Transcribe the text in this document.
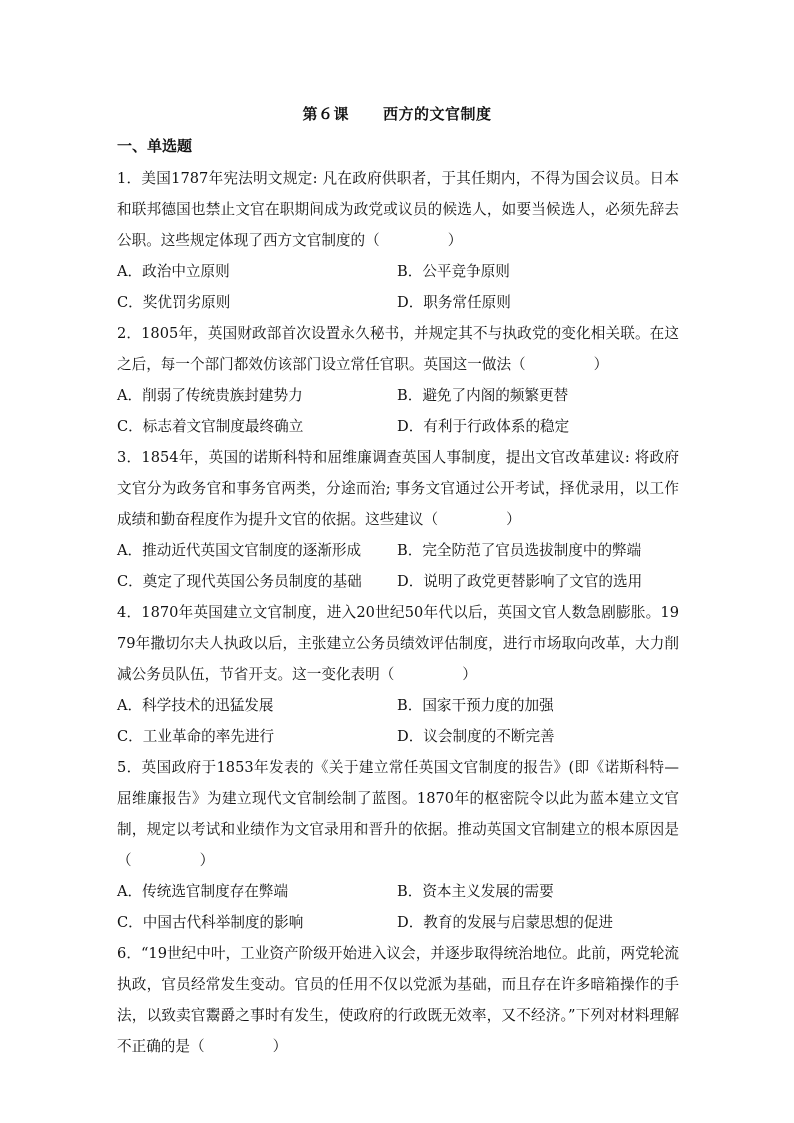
第６课 西方的文官制度
一、单选题
1．美国1787年宪法明文规定: 凡在政府供职者，于其任期内，不得为国会议员。日本和联邦德国也禁止文官在职期间成为政党或议员的候选人，如要当候选人，必须先辞去公职。这些规定体现了西方文官制度的（	）
A．政治中立原则	B．公平竞争原则
C．奖优罚劣原则	D．职务常任原则
2．1805年，英国财政部首次设置永久秘书，并规定其不与执政党的变化相关联。在这之后，每一个部门都效仿该部门设立常任官职。英国这一做法（	）
A．削弱了传统贵族封建势力	B．避免了内阁的频繁更替
C．标志着文官制度最终确立	D．有利于行政体系的稳定
3．1854年，英国的诺斯科特和屈维廉调查英国人事制度，提出文官改革建议: 将政府文官分为政务官和事务官两类，分途而治; 事务文官通过公开考试，择优录用，以工作成绩和勤奋程度作为提升文官的依据。这些建议（	）
A．推动近代英国文官制度的逐渐形成	B．完全防范了官员选拔制度中的弊端
C．奠定了现代英国公务员制度的基础	D．说明了政党更替影响了文官的选用
4．1870年英国建立文官制度，进入20世纪50年代以后，英国文官人数急剧膨胀。1979年撒切尔夫人执政以后，主张建立公务员绩效评估制度，进行市场取向改革，大力削减公务员队伍，节省开支。这一变化表明（	）
A．科学技术的迅猛发展	B．国家干预力度的加强
C．工业革命的率先进行	D．议会制度的不断完善
5．英国政府于1853年发表的《关于建立常任英国文官制度的报告》(即《诺斯科特—屈维廉报告》为建立现代文官制绘制了蓝图。1870年的枢密院令以此为蓝本建立文官制，规定以考试和业绩作为文官录用和晋升的依据。推动英国文官制建立的根本原因是（	）
A．传统选官制度存在弊端	B．资本主义发展的需要
C．中国古代科举制度的影响	D．教育的发展与启蒙思想的促进
6．“19世纪中叶，工业资产阶级开始进入议会，并逐步取得统治地位。此前，两党轮流执政，官员经常发生变动。官员的任用不仅以党派为基础，而且存在许多暗箱操作的手法，以致卖官鬻爵之事时有发生，使政府的行政既无效率，又不经济。”下列对材料理解不正确的是（	）
